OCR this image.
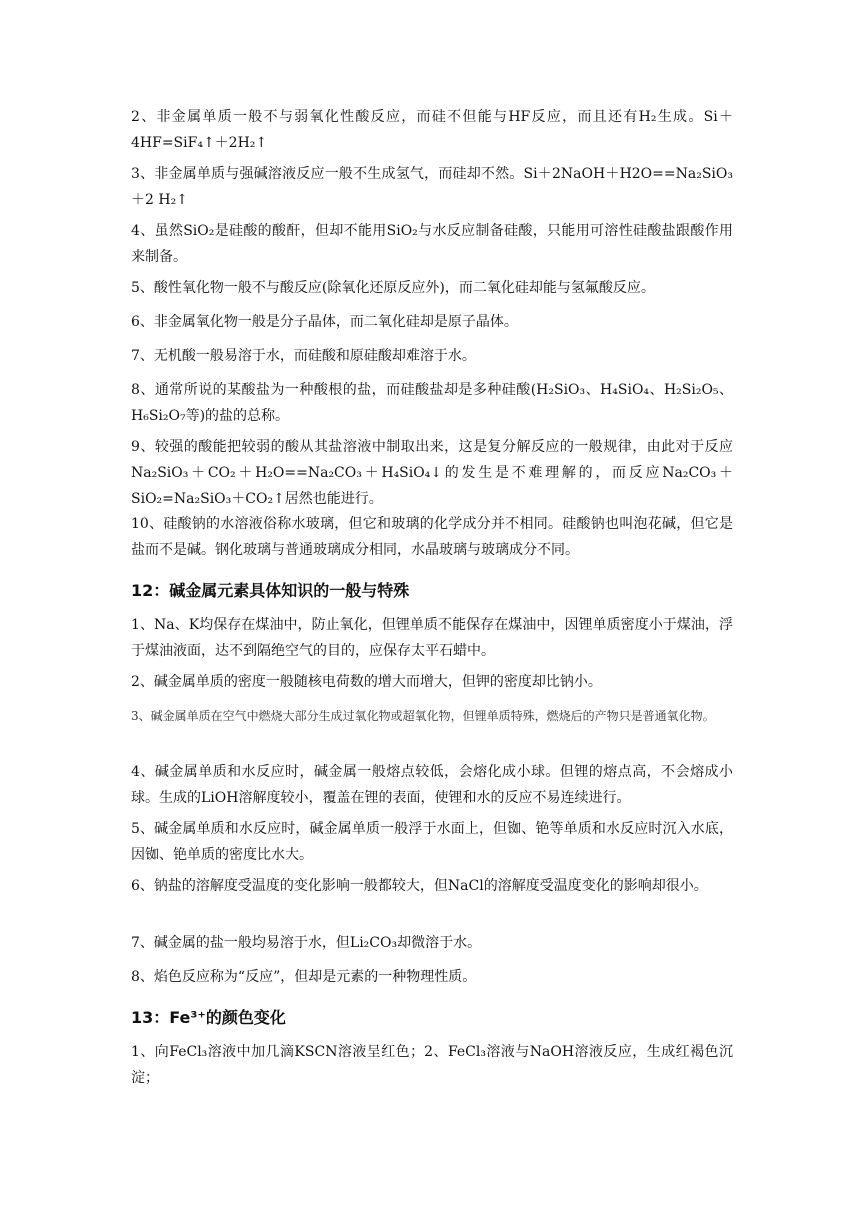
2、非金属单质一般不与弱氧化性酸反应，而硅不但能与HF反应，而且还有H₂生成。Si＋4HF=SiF₄↑＋2H₂↑

3、非金属单质与强碱溶液反应一般不生成氢气，而硅却不然。Si＋2NaOH＋H2O==Na₂SiO₃＋2 H₂↑

4、虽然SiO₂是硅酸的酸酐，但却不能用SiO₂与水反应制备硅酸，只能用可溶性硅酸盐跟酸作用来制备。

5、酸性氧化物一般不与酸反应(除氧化还原反应外)，而二氧化硅却能与氢氟酸反应。

6、非金属氧化物一般是分子晶体，而二氧化硅却是原子晶体。

7、无机酸一般易溶于水，而硅酸和原硅酸却难溶于水。

8、通常所说的某酸盐为一种酸根的盐，而硅酸盐却是多种硅酸(H₂SiO₃、H₄SiO₄、H₂Si₂O₅、H₆Si₂O₇等)的盐的总称。

9、较强的酸能把较弱的酸从其盐溶液中制取出来，这是复分解反应的一般规律，由此对于反应Na₂SiO₃＋CO₂＋H₂O==Na₂CO₃＋H₄SiO₄↓的发生是不难理解的，而反应Na₂CO₃＋SiO₂=Na₂SiO₃＋CO₂↑居然也能进行。

10、硅酸钠的水溶液俗称水玻璃，但它和玻璃的化学成分并不相同。硅酸钠也叫泡花碱，但它是盐而不是碱。钢化玻璃与普通玻璃成分相同，水晶玻璃与玻璃成分不同。

12：碱金属元素具体知识的一般与特殊

1、Na、K均保存在煤油中，防止氧化，但锂单质不能保存在煤油中，因锂单质密度小于煤油，浮于煤油液面，达不到隔绝空气的目的，应保存太平石蜡中。

2、碱金属单质的密度一般随核电荷数的增大而增大，但钾的密度却比钠小。

3、碱金属单质在空气中燃烧大部分生成过氧化物或超氧化物，但锂单质特殊，燃烧后的产物只是普通氧化物。

4、碱金属单质和水反应时，碱金属一般熔点较低，会熔化成小球。但锂的熔点高，不会熔成小球。生成的LiOH溶解度较小，覆盖在锂的表面，使锂和水的反应不易连续进行。

5、碱金属单质和水反应时，碱金属单质一般浮于水面上，但铷、铯等单质和水反应时沉入水底，因铷、铯单质的密度比水大。

6、钠盐的溶解度受温度的变化影响一般都较大，但NaCl的溶解度受温度变化的影响却很小。

7、碱金属的盐一般均易溶于水，但Li₂CO₃却微溶于水。

8、焰色反应称为“反应”，但却是元素的一种物理性质。

13：Fe³⁺的颜色变化

1、向FeCl₃溶液中加几滴KSCN溶液呈红色；2、FeCl₃溶液与NaOH溶液反应，生成红褐色沉淀；
